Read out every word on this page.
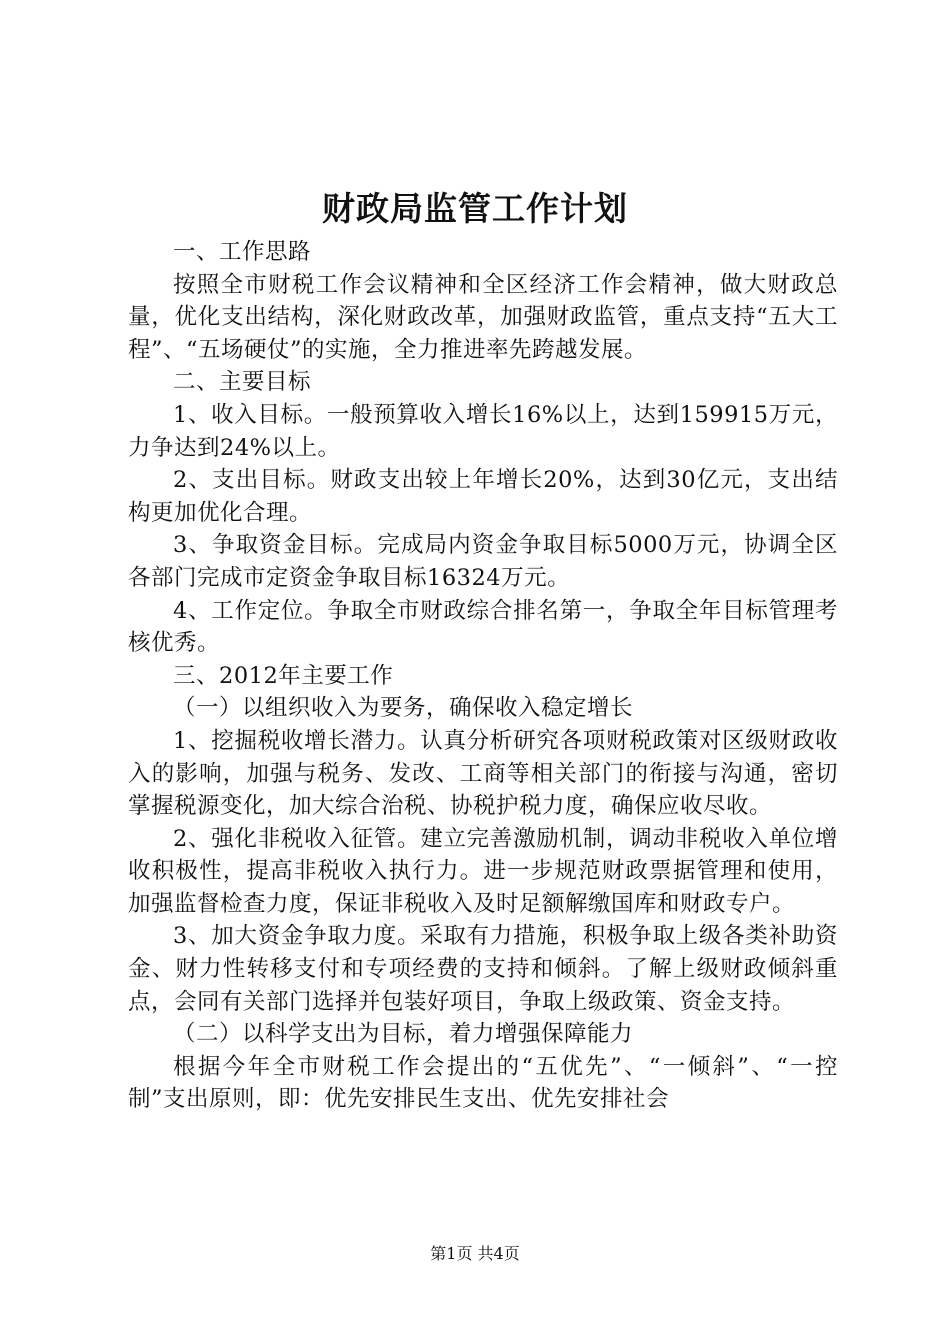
财政局监管工作计划

一、工作思路

按照全市财税工作会议精神和全区经济工作会精神，做大财政总量，优化支出结构，深化财政改革，加强财政监管，重点支持“五大工程”、“五场硬仗”的实施，全力推进率先跨越发展。

二、主要目标

1、收入目标。一般预算收入增长16%以上，达到159915万元，力争达到24%以上。

2、支出目标。财政支出较上年增长20%，达到30亿元，支出结构更加优化合理。

3、争取资金目标。完成局内资金争取目标5000万元，协调全区各部门完成市定资金争取目标16324万元。

4、工作定位。争取全市财政综合排名第一，争取全年目标管理考核优秀。

三、2012年主要工作

（一）以组织收入为要务，确保收入稳定增长

1、挖掘税收增长潜力。认真分析研究各项财税政策对区级财政收入的影响，加强与税务、发改、工商等相关部门的衔接与沟通，密切掌握税源变化，加大综合治税、协税护税力度，确保应收尽收。

2、强化非税收入征管。建立完善激励机制，调动非税收入单位增收积极性，提高非税收入执行力。进一步规范财政票据管理和使用，加强监督检查力度，保证非税收入及时足额解缴国库和财政专户。

3、加大资金争取力度。采取有力措施，积极争取上级各类补助资金、财力性转移支付和专项经费的支持和倾斜。了解上级财政倾斜重点，会同有关部门选择并包装好项目，争取上级政策、资金支持。

（二）以科学支出为目标，着力增强保障能力

根据今年全市财税工作会提出的“五优先”、“一倾斜”、“一控制”支出原则，即：优先安排民生支出、优先安排社会

第1页 共4页
